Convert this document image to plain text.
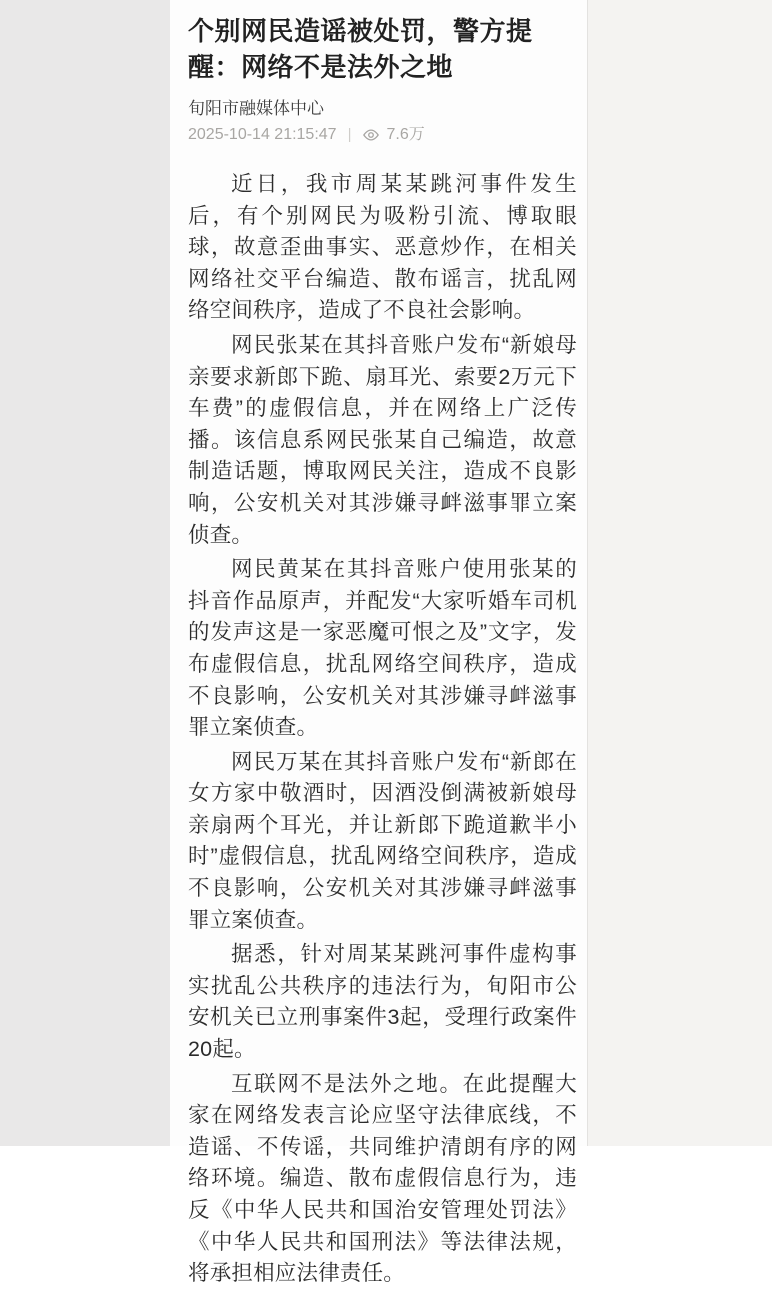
个别网民造谣被处罚，警方提醒：网络不是法外之地
旬阳市融媒体中心
2025-10-14 21:15:47 | 7.6万

近日，我市周某某跳河事件发生后，有个别网民为吸粉引流、博取眼球，故意歪曲事实、恶意炒作，在相关网络社交平台编造、散布谣言，扰乱网络空间秩序，造成了不良社会影响。

网民张某在其抖音账户发布“新娘母亲要求新郎下跪、扇耳光、索要2万元下车费”的虚假信息，并在网络上广泛传播。该信息系网民张某自己编造，故意制造话题，博取网民关注，造成不良影响，公安机关对其涉嫌寻衅滋事罪立案侦查。

网民黄某在其抖音账户使用张某的抖音作品原声，并配发“大家听婚车司机的发声这是一家恶魔可恨之及”文字，发布虚假信息，扰乱网络空间秩序，造成不良影响，公安机关对其涉嫌寻衅滋事罪立案侦查。

网民万某在其抖音账户发布“新郎在女方家中敬酒时，因酒没倒满被新娘母亲扇两个耳光，并让新郎下跪道歉半小时”虚假信息，扰乱网络空间秩序，造成不良影响，公安机关对其涉嫌寻衅滋事罪立案侦查。

据悉，针对周某某跳河事件虚构事实扰乱公共秩序的违法行为，旬阳市公安机关已立刑事案件3起，受理行政案件20起。

互联网不是法外之地。在此提醒大家在网络发表言论应坚守法律底线，不造谣、不传谣，共同维护清朗有序的网络环境。编造、散布虚假信息行为，违反《中华人民共和国治安管理处罚法》《中华人民共和国刑法》等法律法规，将承担相应法律责任。
